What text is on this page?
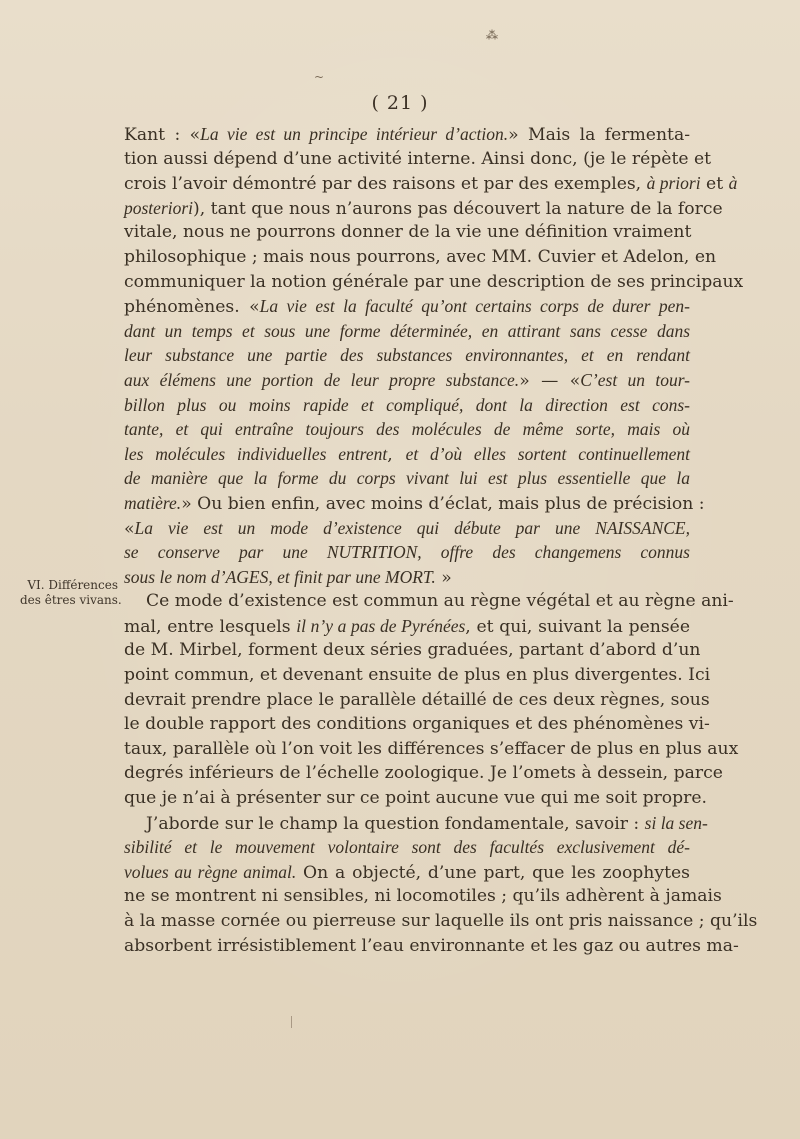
⁂
~
( 21 )
VI. Différences
des êtres vivans.
Kant : «La vie est un principe intérieur d’action.» Mais la fermenta-
tion aussi dépend d’une activité interne. Ainsi donc, (je le répète et
crois l’avoir démontré par des raisons et par des exemples, à priori et à
posteriori), tant que nous n’aurons pas découvert la nature de la force
vitale, nous ne pourrons donner de la vie une définition vraiment
philosophique ; mais nous pourrons, avec MM. Cuvier et Adelon, en
communiquer la notion générale par une description de ses principaux
phénomènes. «La vie est la faculté qu’ont certains corps de durer pen-
dant un temps et sous une forme déterminée, en attirant sans cesse dans
leur substance une partie des substances environnantes, et en rendant
aux élémens une portion de leur propre substance.» — «C’est un tour-
billon plus ou moins rapide et compliqué, dont la direction est cons-
tante, et qui entraîne toujours des molécules de même sorte, mais où
les molécules individuelles entrent, et d’où elles sortent continuellement
de manière que la forme du corps vivant lui est plus essentielle que la
matière.» Ou bien enfin, avec moins d’éclat, mais plus de précision :
«La vie est un mode d’existence qui débute par une NAISSANCE,
se conserve par une NUTRITION, offre des changemens connus
sous le nom d’AGES, et finit par une MORT. »
Ce mode d’existence est commun au règne végétal et au règne ani-
mal, entre lesquels il n’y a pas de Pyrénées, et qui, suivant la pensée
de M. Mirbel, forment deux séries graduées, partant d’abord d’un
point commun, et devenant ensuite de plus en plus divergentes. Ici
devrait prendre place le parallèle détaillé de ces deux règnes, sous
le double rapport des conditions organiques et des phénomènes vi-
taux, parallèle où l’on voit les différences s’effacer de plus en plus aux
degrés inférieurs de l’échelle zoologique. Je l’omets à dessein, parce
que je n’ai à présenter sur ce point aucune vue qui me soit propre.
J’aborde sur le champ la question fondamentale, savoir : si la sen-
sibilité et le mouvement volontaire sont des facultés exclusivement dé-
volues au règne animal. On a objecté, d’une part, que les zoophytes
ne se montrent ni sensibles, ni locomotiles ; qu’ils adhèrent à jamais
à la masse cornée ou pierreuse sur laquelle ils ont pris naissance ; qu’ils
absorbent irrésistiblement l’eau environnante et les gaz ou autres ma-
